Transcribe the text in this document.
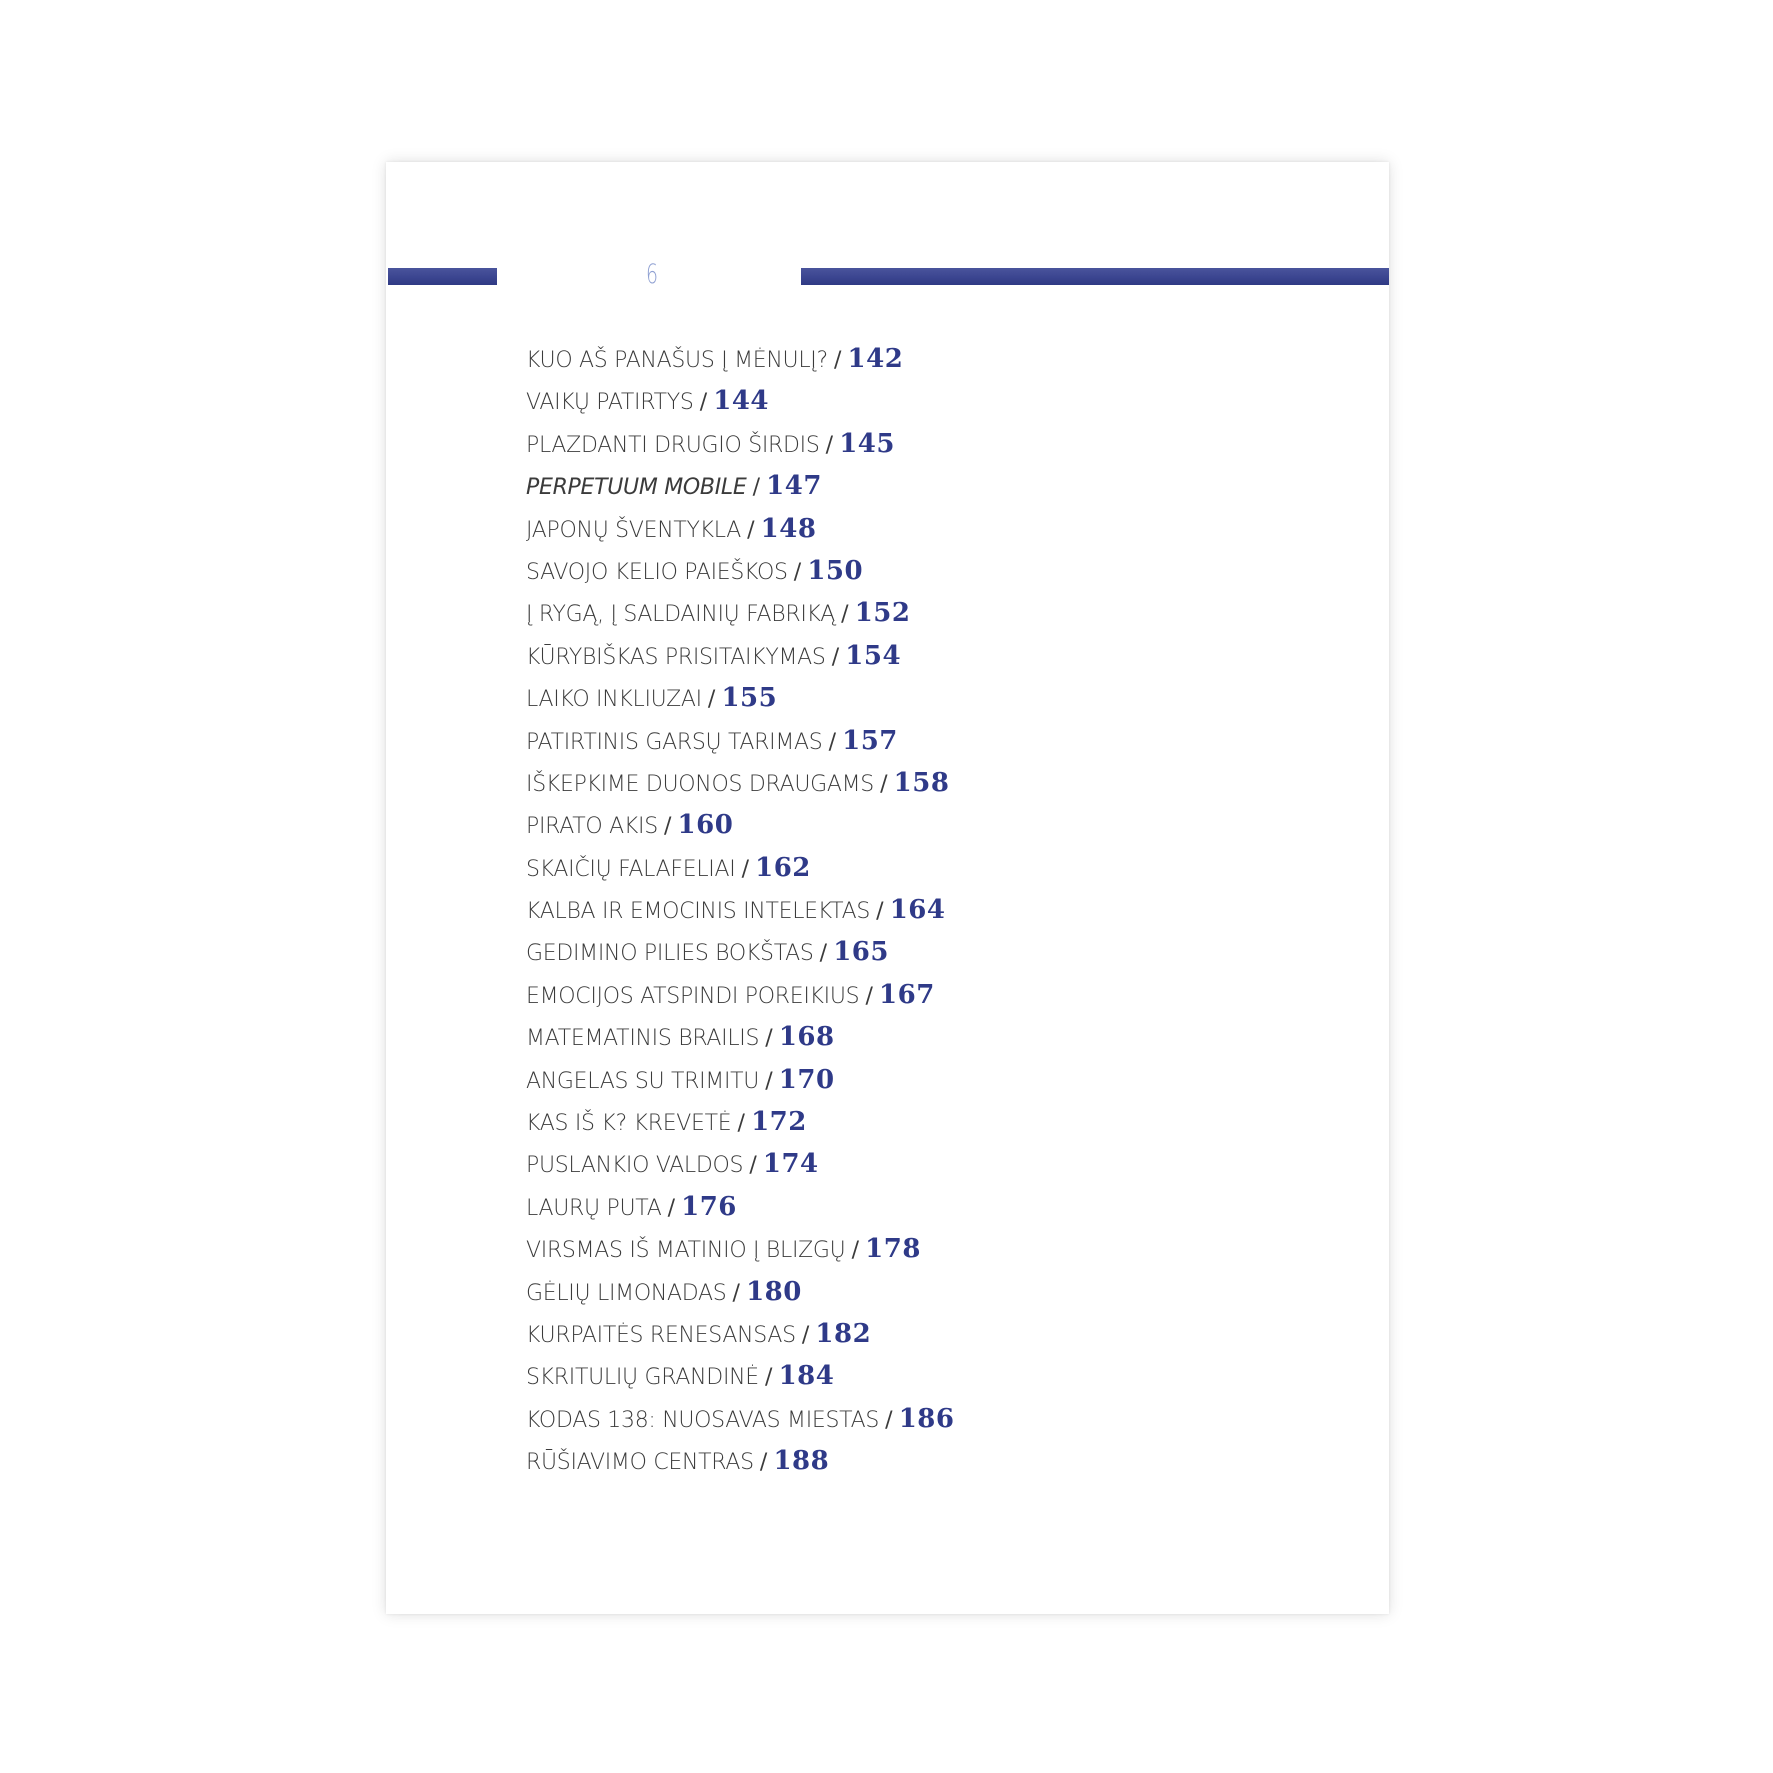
6
KUO AŠ PANAŠUS Į MĖNULĮ? / 142
VAIKŲ PATIRTYS / 144
PLAZDANTI DRUGIO ŠIRDIS / 145
PERPETUUM MOBILE / 147
JAPONŲ ŠVENTYKLA / 148
SAVOJO KELIO PAIEŠKOS / 150
Į RYGĄ, Į SALDAINIŲ FABRIKĄ / 152
KŪRYBIŠKAS PRISITAIKYMAS / 154
LAIKO INKLIUZAI / 155
PATIRTINIS GARSŲ TARIMAS / 157
IŠKEPKIME DUONOS DRAUGAMS / 158
PIRATO AKIS / 160
SKAIČIŲ FALAFELIAI / 162
KALBA IR EMOCINIS INTELEKTAS / 164
GEDIMINO PILIES BOKŠTAS / 165
EMOCIJOS ATSPINDI POREIKIUS / 167
MATEMATINIS BRAILIS / 168
ANGELAS SU TRIMITU / 170
KAS IŠ K? KREVETĖ / 172
PUSLANKIO VALDOS / 174
LAURŲ PUTA / 176
VIRSMAS IŠ MATINIO Į BLIZGŲ / 178
GĖLIŲ LIMONADAS / 180
KURPAITĖS RENESANSAS / 182
SKRITULIŲ GRANDINĖ / 184
KODAS 138: NUOSAVAS MIESTAS / 186
RŪŠIAVIMO CENTRAS / 188
